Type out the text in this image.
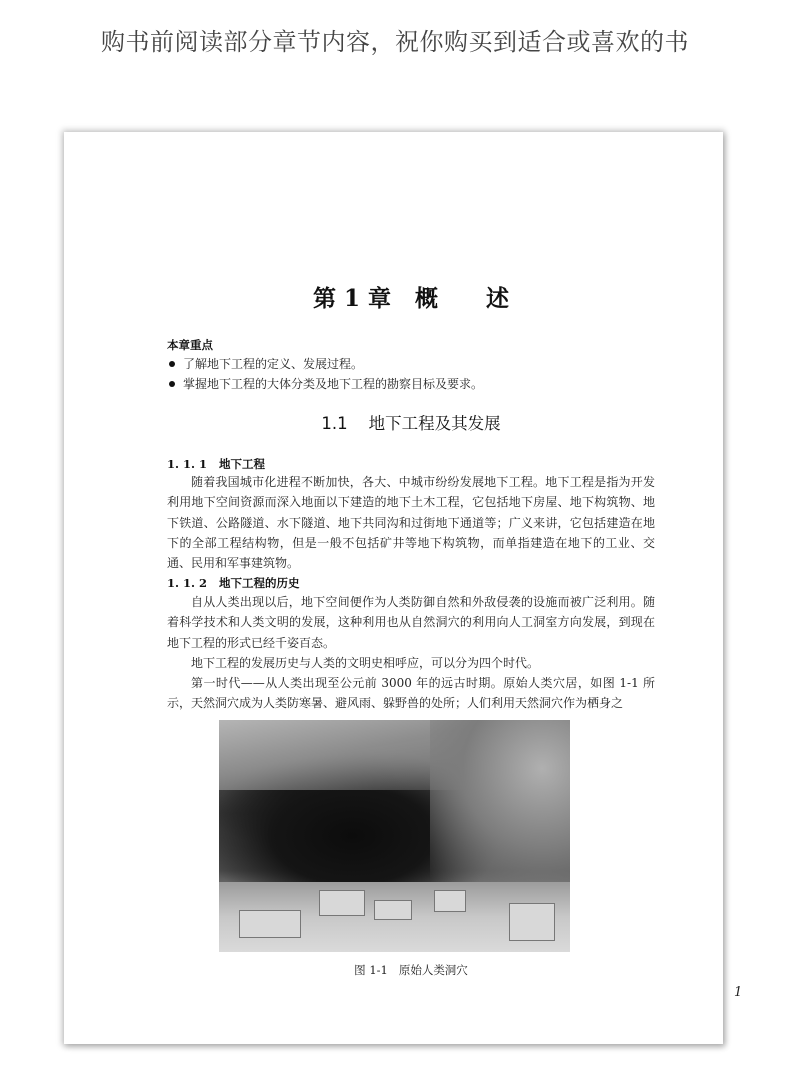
购书前阅读部分章节内容，祝你购买到适合或喜欢的书
第 1 章   概      述
本章重点
了解地下工程的定义、发展过程。
掌握地下工程的大体分类及地下工程的勘察目标及要求。
1.1    地下工程及其发展
1. 1. 1   地下工程

随着我国城市化进程不断加快，各大、中城市纷纷发展地下工程。地下工程是指为开发利用地下空间资源而深入地面以下建造的地下土木工程，它包括地下房屋、地下构筑物、地下铁道、公路隧道、水下隧道、地下共同沟和过街地下通道等；广义来讲，它包括建造在地下的全部工程结构物，但是一般不包括矿井等地下构筑物，而单指建造在地下的工业、交通、民用和军事建筑物。

1. 1. 2   地下工程的历史

自从人类出现以后，地下空间便作为人类防御自然和外敌侵袭的设施而被广泛利用。随着科学技术和人类文明的发展，这种利用也从自然洞穴的利用向人工洞室方向发展，到现在地下工程的形式已经千姿百态。

地下工程的发展历史与人类的文明史相呼应，可以分为四个时代。

第一时代——从人类出现至公元前 3000 年的远古时期。原始人类穴居，如图 1-1 所示，天然洞穴成为人类防寒暑、避风雨、躲野兽的处所；人们利用天然洞穴作为栖身之

图 1-1   原始人类洞穴
1
